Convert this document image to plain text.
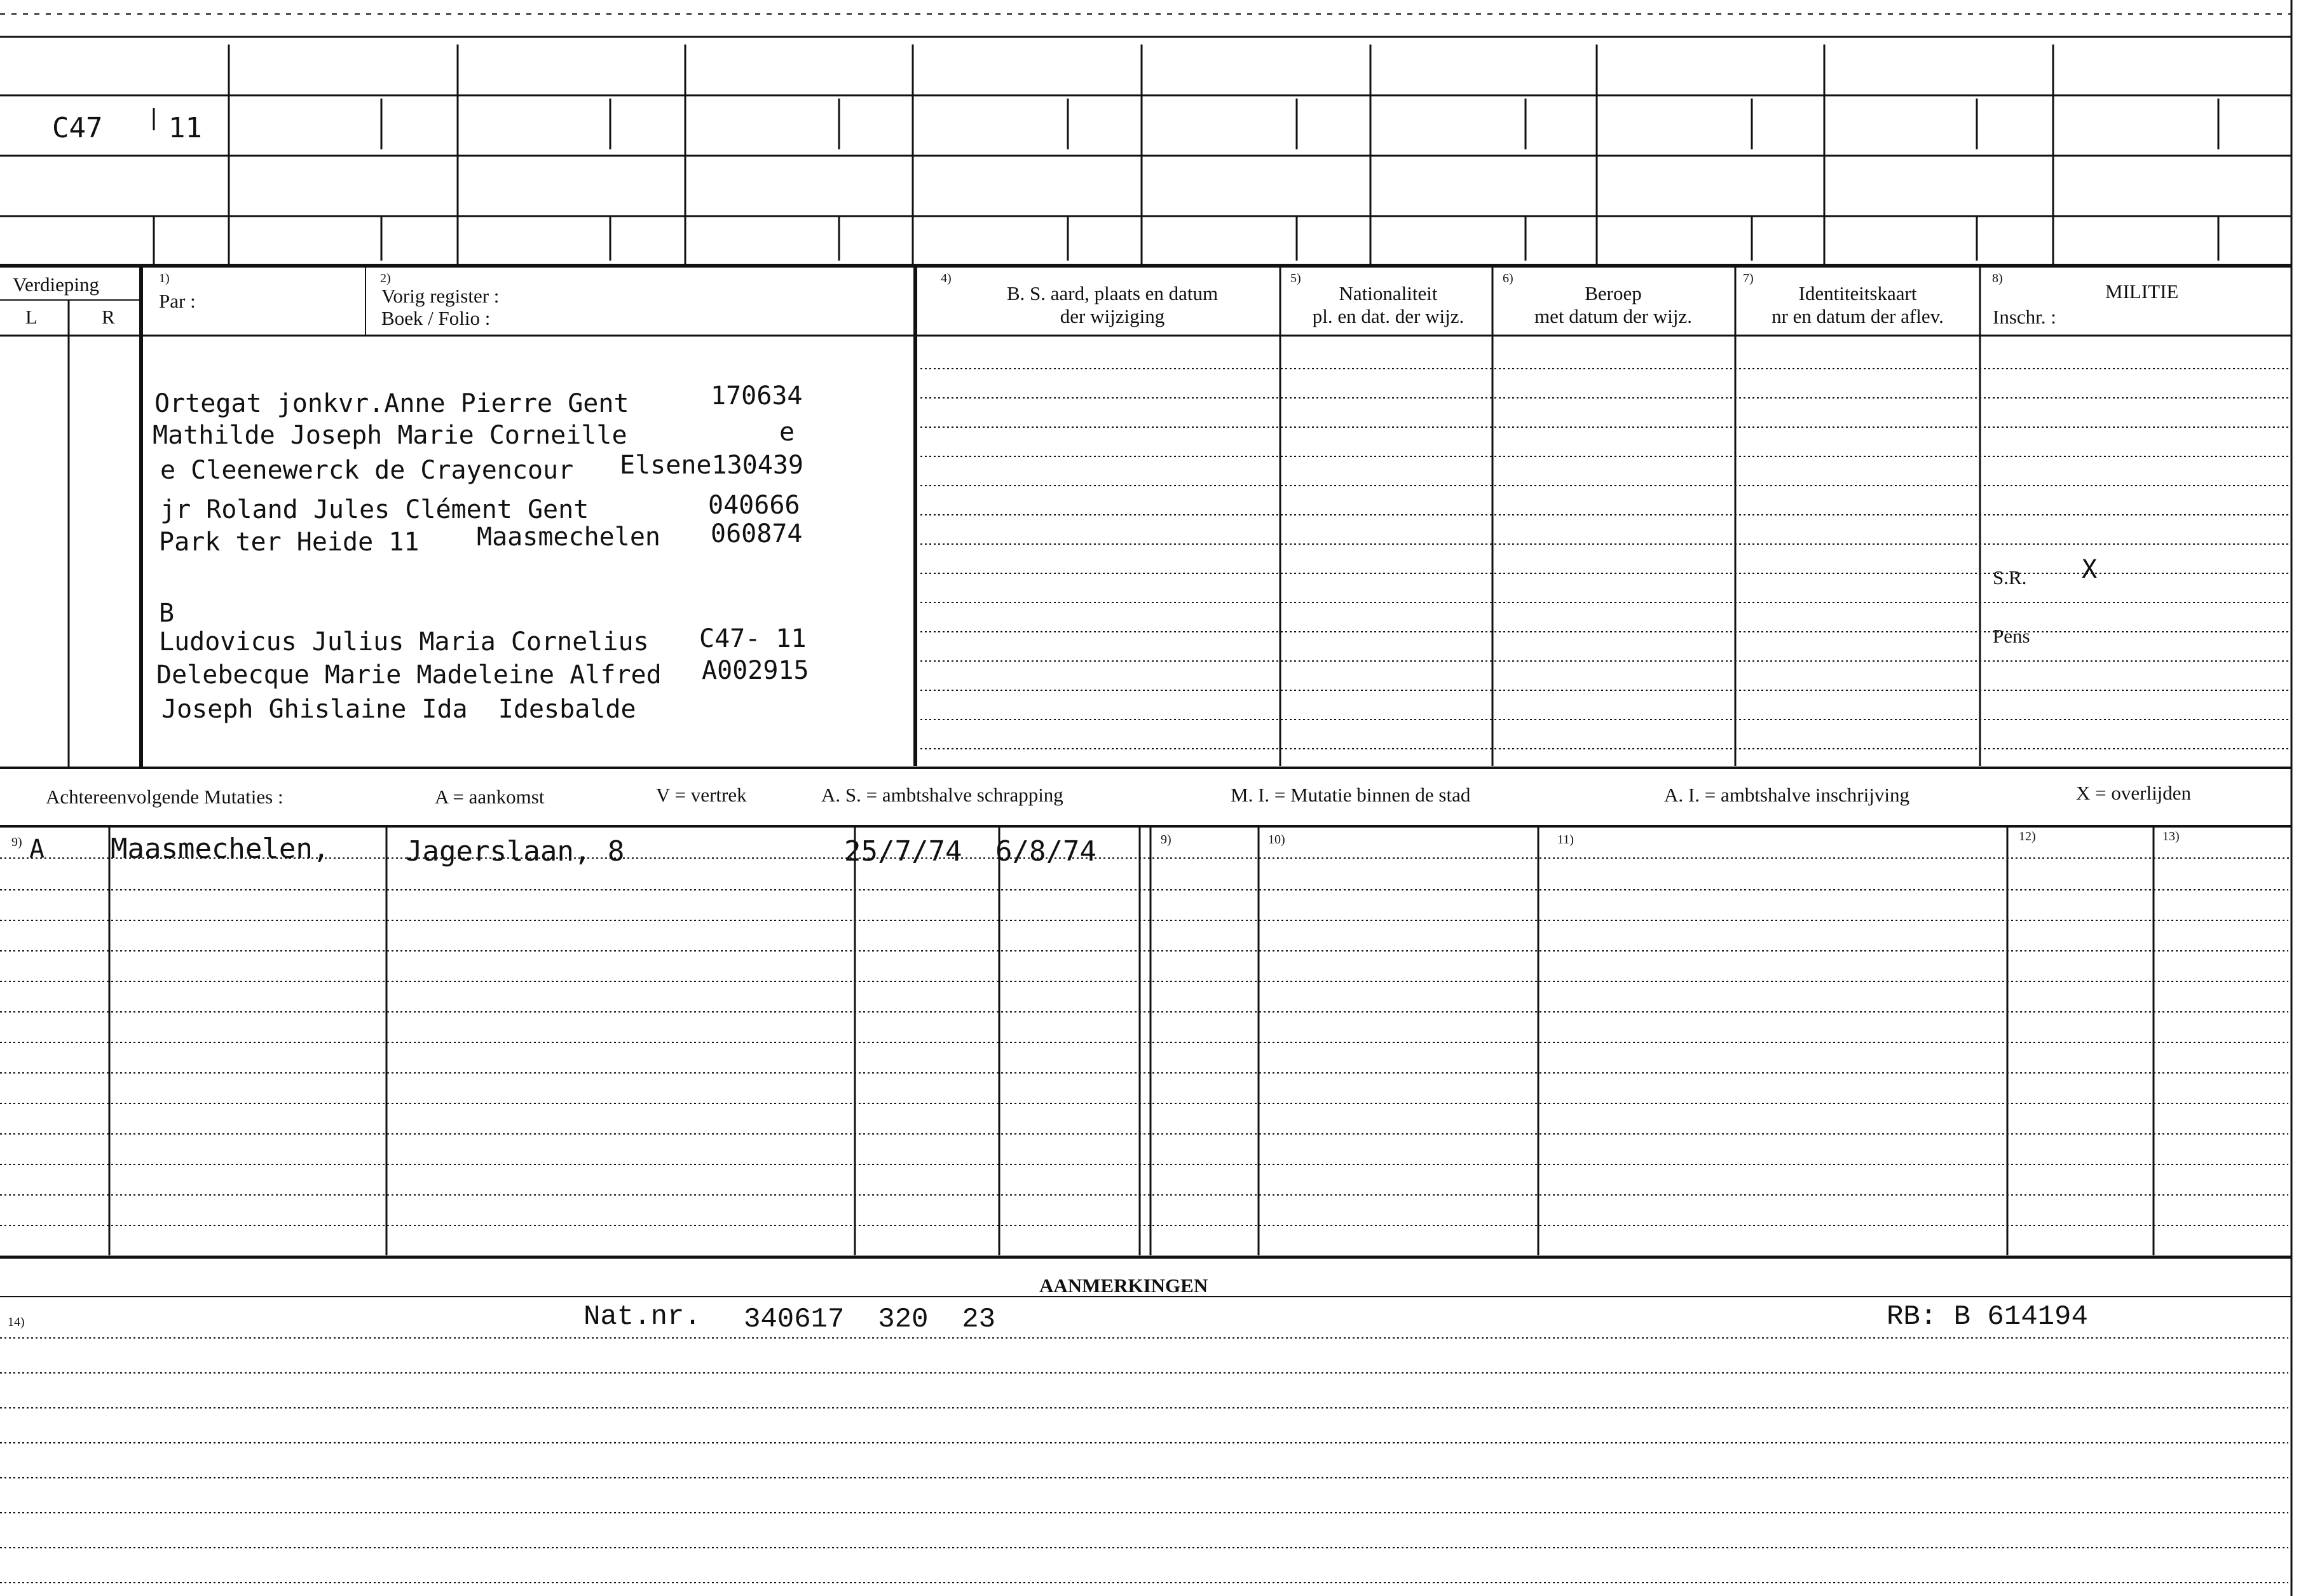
C47 11
Verdieping
L	R
1)
Par :
2)
Vorig register :
Boek / Folio :
4)
B. S. aard, plaats en datum
der wijziging
5)
Nationaliteit
pl. en dat. der wijz.
6)
Beroep
met datum der wijz.
7)
Identiteitskaart
nr en datum der aflev.
8)
MILITIE
Inschr. :
S.R. X
Pens
Ortegat jonkvr.Anne Pierre Gent	170634
Mathilde Joseph Marie Corneille	e
e Cleenewerck de Crayencour Elsene130439
jr Roland Jules Clément Gent	040666
Park ter Heide 11 Maasmechelen 060874
B
Ludovicus Julius Maria Cornelius C47- 11
Delebecque Marie Madeleine Alfred A002915
Joseph Ghislaine Ida  Idesbalde
Achtereenvolgende Mutaties :	A = aankomst	V = vertrek	A. S. = ambtshalve schrapping	M. I. = Mutatie binnen de stad	A. I. = ambtshalve inschrijving	X = overlijden
9) A Maasmechelen,	Jagerslaan, 8	25/7/74 6/8/74	9)	10)	11)	12)	13)
AANMERKINGEN
14)	Nat.nr. 340617  320  23	RB: B 614194
